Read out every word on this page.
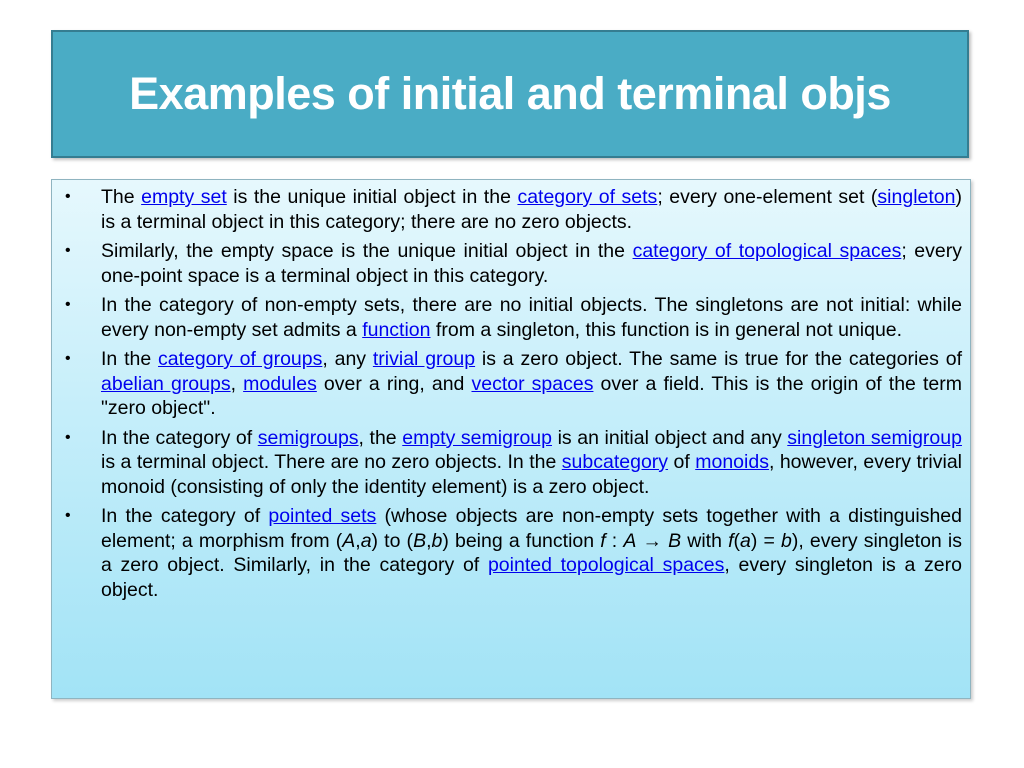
Examples of initial and terminal objs
• The empty set is the unique initial object in the category of sets; every one-element set (singleton) is a terminal object in this category; there are no zero objects.
• Similarly, the empty space is the unique initial object in the category of topological spaces; every one-point space is a terminal object in this category.
• In the category of non-empty sets, there are no initial objects. The singletons are not initial: while every non-empty set admits a function from a singleton, this function is in general not unique.
• In the category of groups, any trivial group is a zero object. The same is true for the categories of abelian groups, modules over a ring, and vector spaces over a field. This is the origin of the term "zero object".
• In the category of semigroups, the empty semigroup is an initial object and any singleton semigroup is a terminal object. There are no zero objects. In the subcategory of monoids, however, every trivial monoid (consisting of only the identity element) is a zero object.
• In the category of pointed sets (whose objects are non-empty sets together with a distinguished element; a morphism from (A,a) to (B,b) being a function f : A → B with f(a) = b), every singleton is a zero object. Similarly, in the category of pointed topological spaces, every singleton is a zero object.
